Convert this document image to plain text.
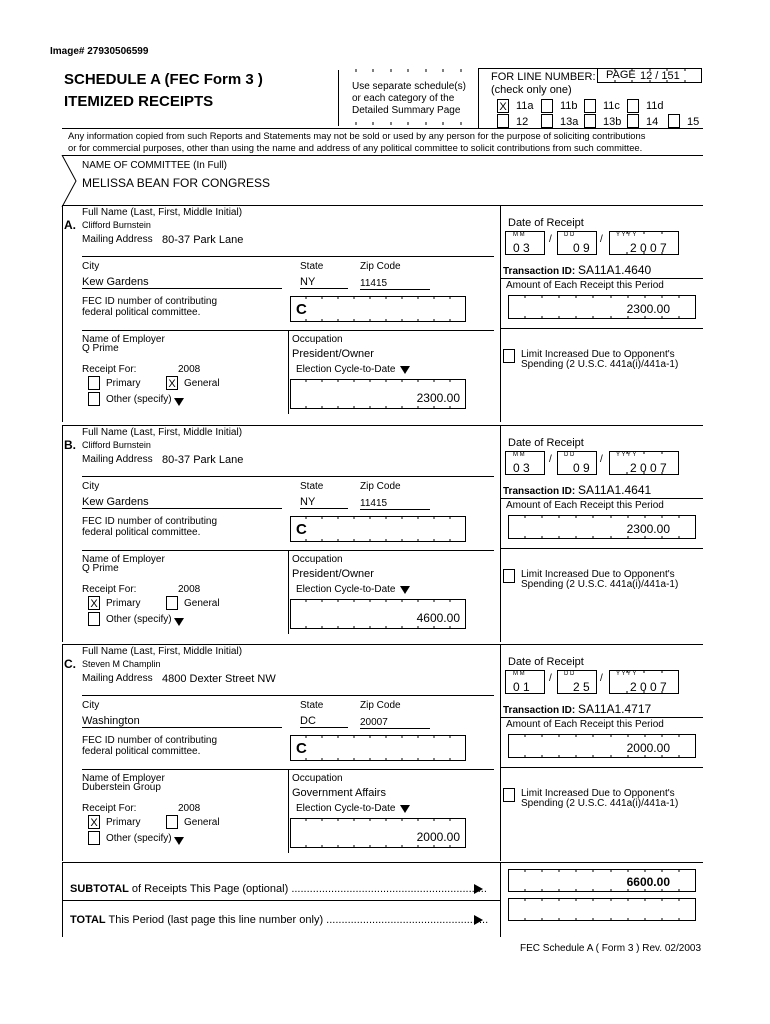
Image# 27930506599
SCHEDULE A (FEC Form 3 )
ITEMIZED RECEIPTS
Use separate schedule(s)
or each category of the
Detailed Summary Page
FOR LINE NUMBER:
(check only one)
PAGE 12 / 151
X 11a 11b 11c 11d
12	13a 13b 14	15
Any information copied from such Reports and Statements may not be sold or used by any person for the purpose of soliciting contributions
or for commercial purposes, other than using the name and address of any political committee to solicit contributions from such committee.
NAME OF COMMITTEE (In Full)
MELISSA BEAN FOR CONGRESS
Full Name (Last, First, Middle Initial)
A. Clifford Burnstein
Mailing Address 80-37 Park Lane
City	State	Zip Code
Kew Gardens	NY	11415
FEC ID number of contributing
federal political committee.	C
Name of Employer
Q Prime
Occupation
President/Owner
Receipt For:	2008
Primary	X General
Other (specify)
Election Cycle-to-Date
2300.00
Date of Receipt
M M
0 3
/ D D
0 9
/ Y Y Y Y
2 0 0 7
Transaction ID: SA11A1.4640
Amount of Each Receipt this Period
2300.00
Limit Increased Due to Opponent's
Spending (2 U.S.C. 441a(i)/441a-1)
Full Name (Last, First, Middle Initial)
B. Clifford Burnstein
Mailing Address 80-37 Park Lane
City	State	Zip Code
Kew Gardens	NY	11415
FEC ID number of contributing
federal political committee.	C
Name of Employer
Q Prime
Occupation
President/Owner
Receipt For:	2008
X Primary	General
Other (specify)
Election Cycle-to-Date
4600.00
Date of Receipt
M M
0 3
/ D D
0 9
/ Y Y Y Y
2 0 0 7
Transaction ID: SA11A1.4641
Amount of Each Receipt this Period
2300.00
Limit Increased Due to Opponent's
Spending (2 U.S.C. 441a(i)/441a-1)
Full Name (Last, First, Middle Initial)
C. Steven M Champlin
Mailing Address 4800 Dexter Street NW
City	State	Zip Code
Washington	DC	20007
FEC ID number of contributing
federal political committee.	C
Name of Employer
Duberstein Group
Occupation
Government Affairs
Receipt For:	2008
X Primary	General
Other (specify)
Election Cycle-to-Date
2000.00
Date of Receipt
M M
0 1
/ D D
2 5
/ Y Y Y Y
2 0 0 7
Transaction ID: SA11A1.4717
Amount of Each Receipt this Period
2000.00
Limit Increased Due to Opponent's
Spending (2 U.S.C. 441a(i)/441a-1)
SUBTOTAL of Receipts This Page (optional) ................................................................	6600.00
TOTAL This Period (last page this line number only) .....................................................
FEC Schedule A ( Form 3 ) Rev. 02/2003
